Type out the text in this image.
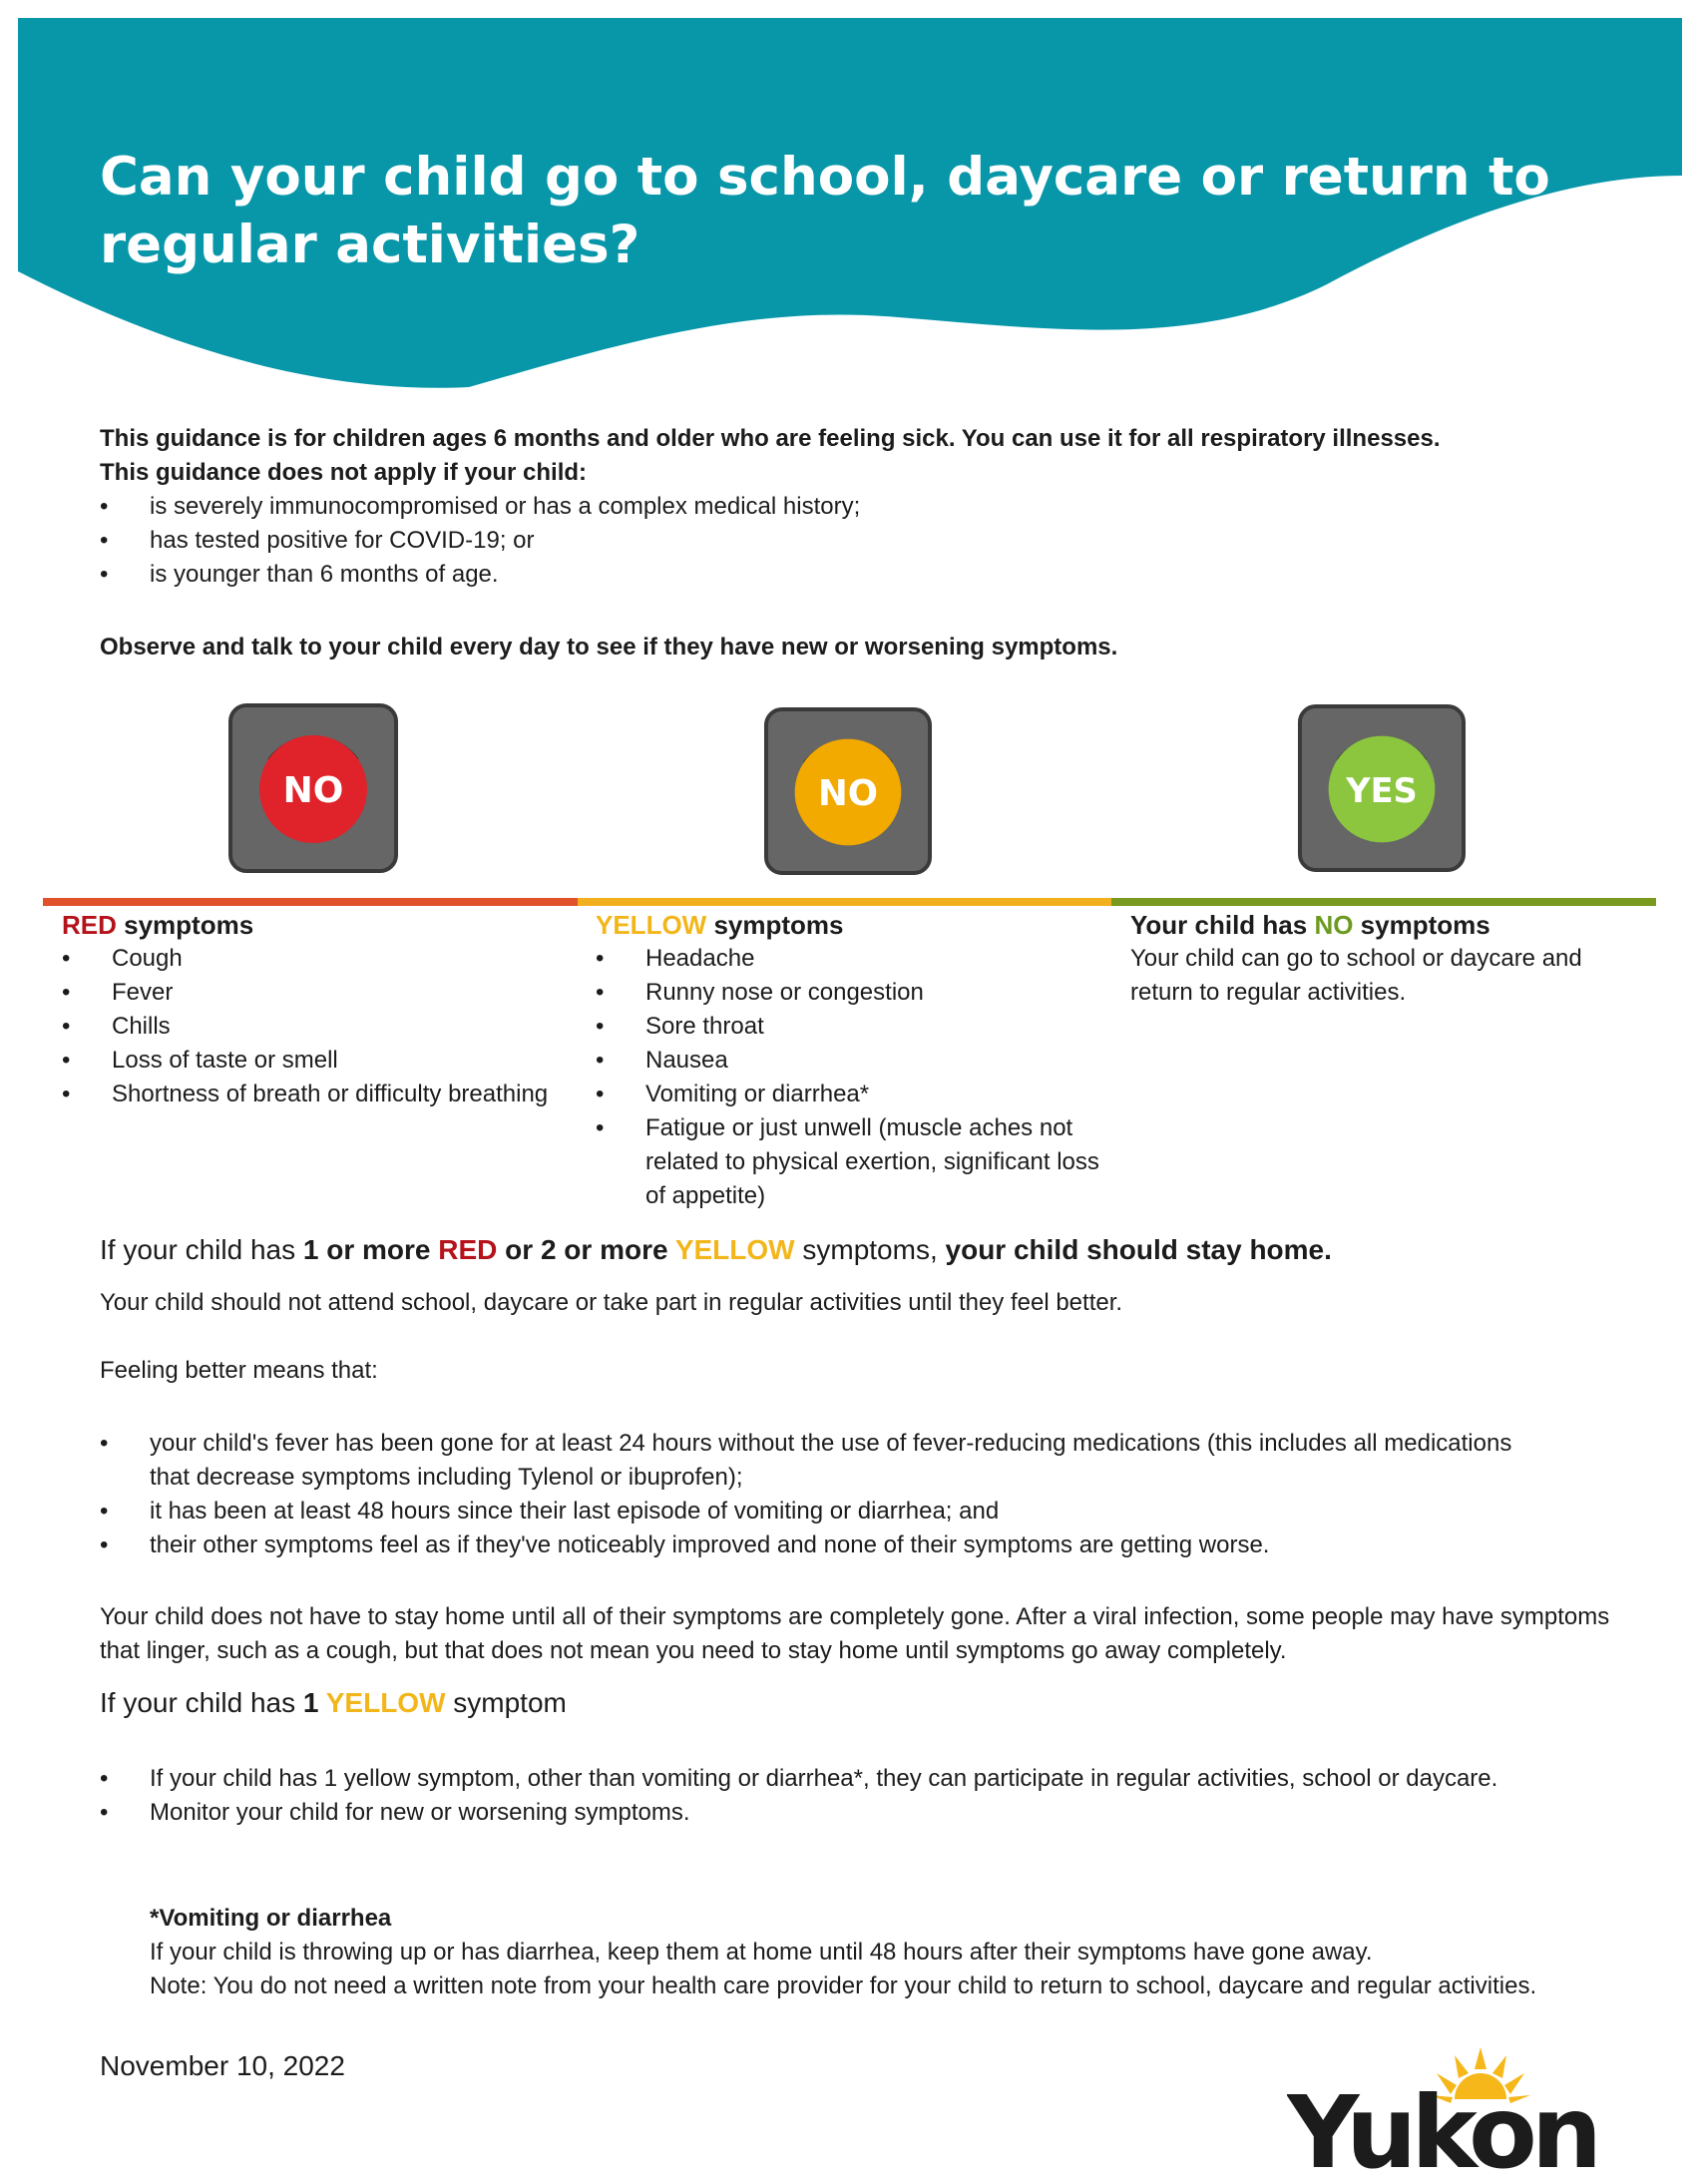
Can your child go to school, daycare or return to regular activities?

This guidance is for children ages 6 months and older who are feeling sick. You can use it for all respiratory illnesses.

This guidance does not apply if your child:

• is severely immunocompromised or has a complex medical history;
• has tested positive for COVID-19; or
• is younger than 6 months of age.

Observe and talk to your child every day to see if they have new or worsening symptoms.

NO	NO	YES

RED symptoms

• Cough
• Fever
• Chills
• Loss of taste or smell
• Shortness of breath or difficulty breathing

YELLOW symptoms

• Headache
• Runny nose or congestion
• Sore throat
• Nausea
• Vomiting or diarrhea*
• Fatigue or just unwell (muscle aches not related to physical exertion, significant loss of appetite)

Your child has NO symptoms

Your child can go to school or daycare and return to regular activities.

If your child has 1 or more RED or 2 or more YELLOW symptoms, your child should stay home.

Your child should not attend school, daycare or take part in regular activities until they feel better.

Feeling better means that:

• your child's fever has been gone for at least 24 hours without the use of fever-reducing medications (this includes all medications that decrease symptoms including Tylenol or ibuprofen);
• it has been at least 48 hours since their last episode of vomiting or diarrhea; and
• their other symptoms feel as if they've noticeably improved and none of their symptoms are getting worse.

Your child does not have to stay home until all of their symptoms are completely gone. After a viral infection, some people may have symptoms that linger, such as a cough, but that does not mean you need to stay home until symptoms go away completely.

If your child has 1 YELLOW symptom

• If your child has 1 yellow symptom, other than vomiting or diarrhea*, they can participate in regular activities, school or daycare.
• Monitor your child for new or worsening symptoms.

*Vomiting or diarrhea

If your child is throwing up or has diarrhea, keep them at home until 48 hours after their symptoms have gone away.

Note: You do not need a written note from your health care provider for your child to return to school, daycare and regular activities.

November 10, 2022

Yukon
